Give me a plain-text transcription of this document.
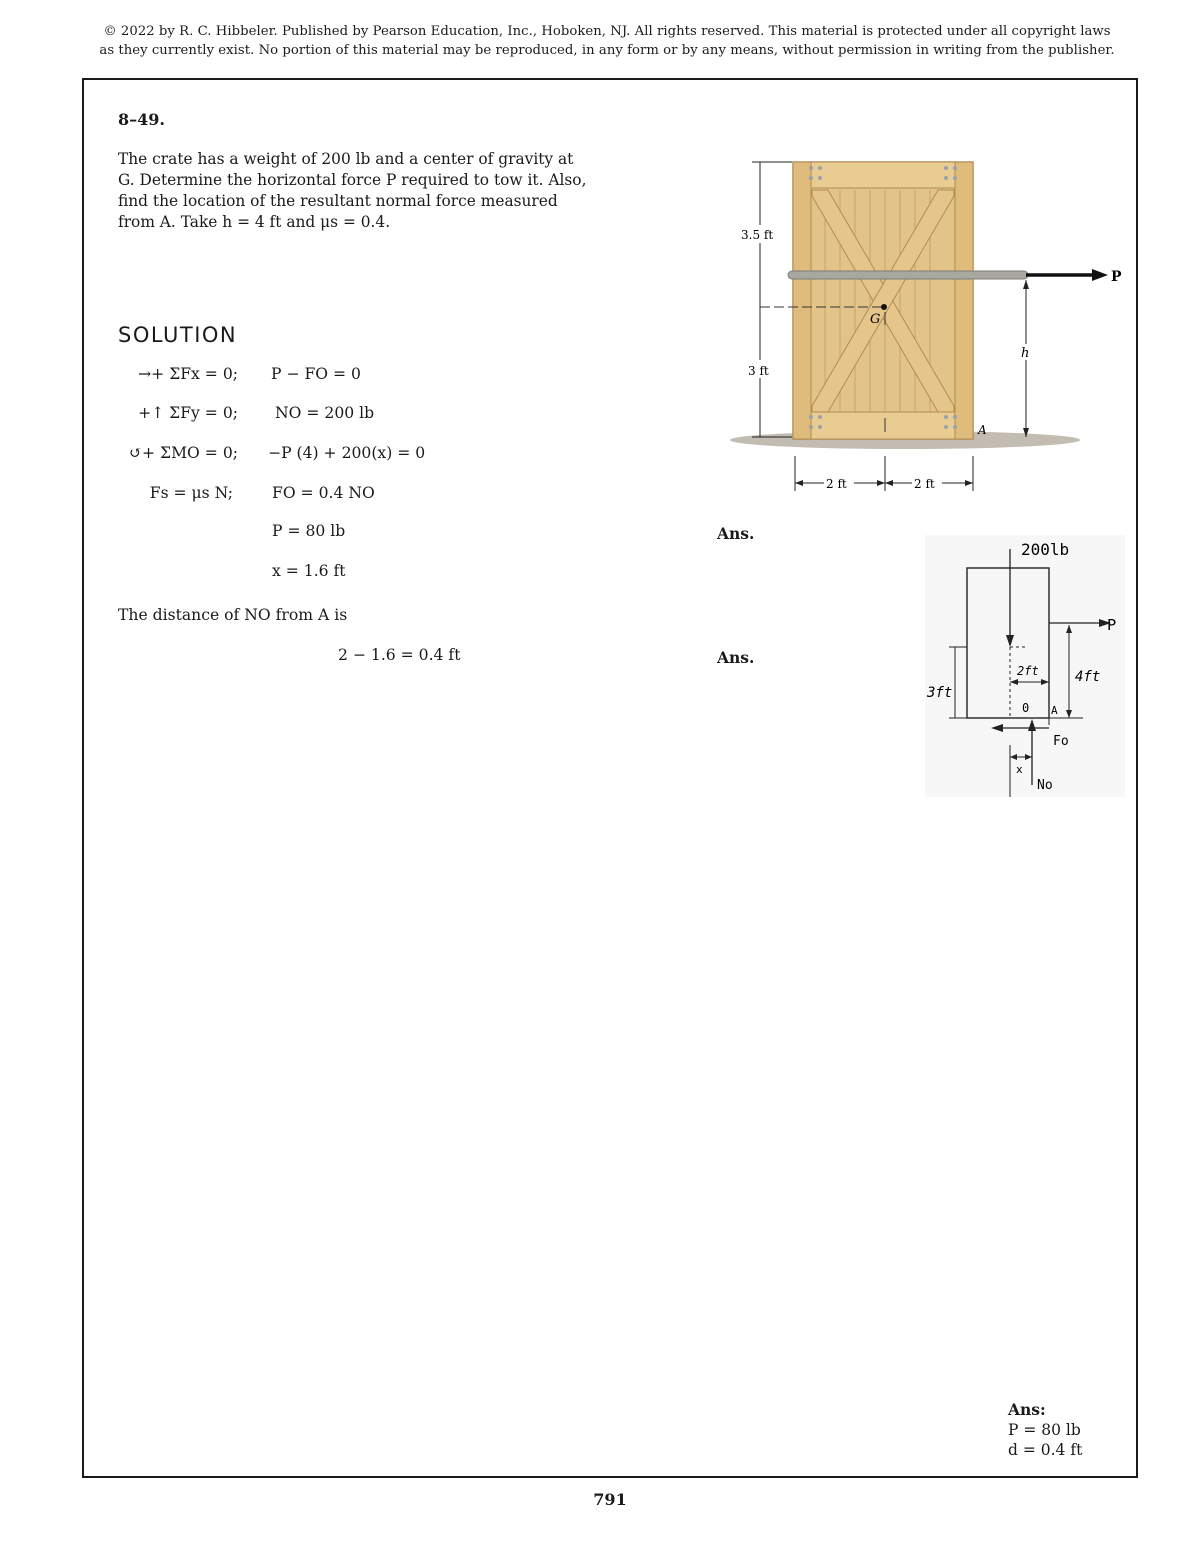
© 2022 by R. C. Hibbeler. Published by Pearson Education, Inc., Hoboken, NJ. All rights reserved. This material is protected under all copyright laws
as they currently exist. No portion of this material may be reproduced, in any form or by any means, without permission in writing from the publisher.
8–49.
The crate has a weight of 200 lb and a center of gravity at G. Determine the horizontal force P required to tow it. Also, find the location of the resultant normal force measured from A. Take h = 4 ft and μs = 0.4.
SOLUTION
→+ ΣFx = 0; P − FO = 0
+↑ ΣFy = 0; NO = 200 lb
↺+ ΣMO = 0; −P (4) + 200(x) = 0
Fs = μs N;	FO = 0.4 NO
P = 80 lb	Ans.
x = 1.6 ft
The distance of NO from A is
2 − 1.6 = 0.4 ft	Ans.
P
G
3.5 ft
3 ft
h
A
2 ft	2 ft
200lb
P
4ft
3ft
2ft
0 A
Fo
No
x
Ans:
P = 80 lb
d = 0.4 ft
791
